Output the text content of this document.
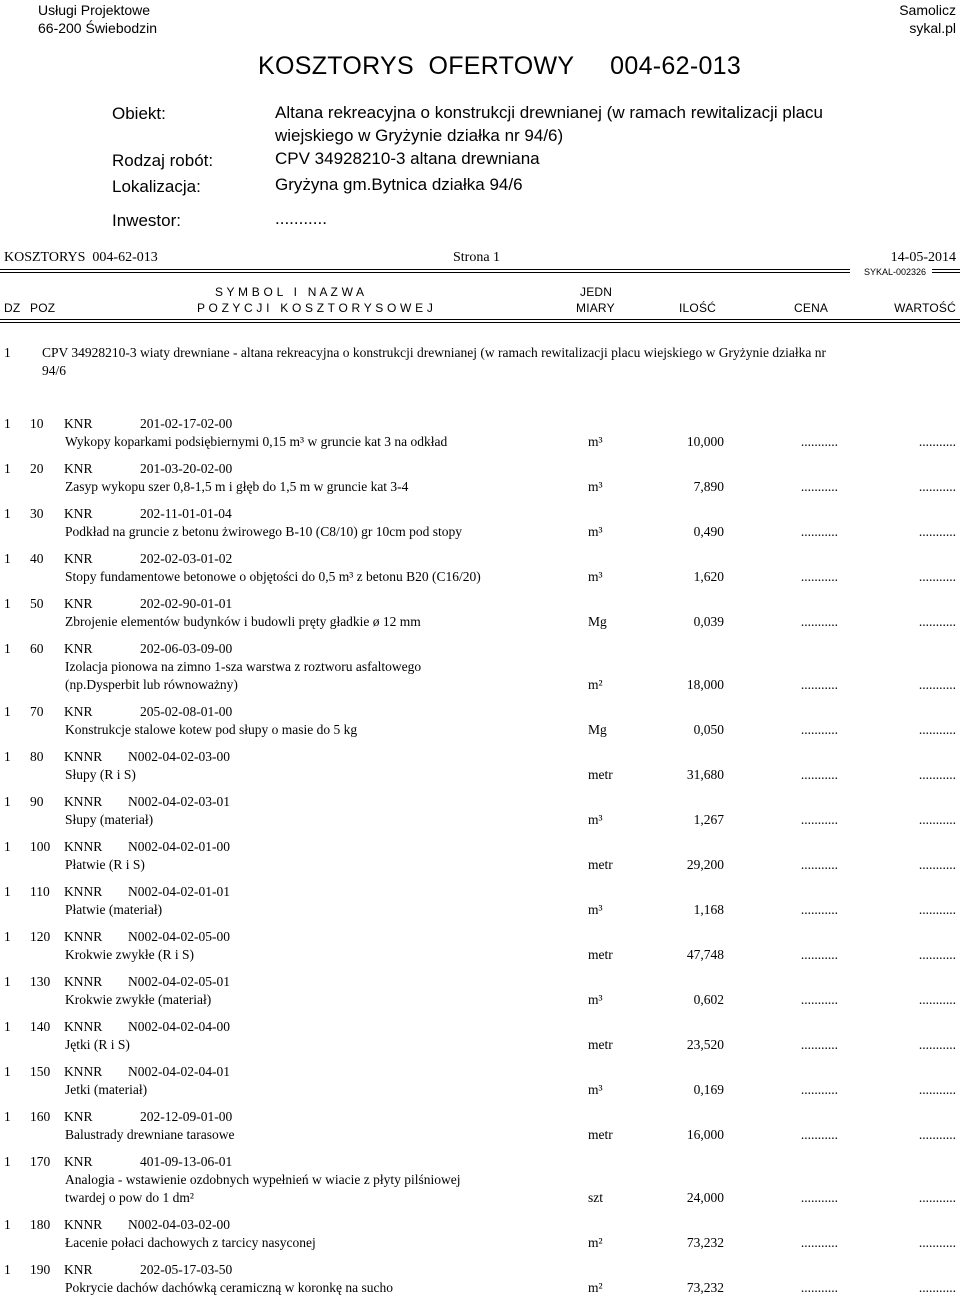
Usługi Projektowe
66-200 Świebodzin
Samolicz
sykal.pl
KOSZTORYS  OFERTOWY     004-62-013
Obiekt:	Altana rekreacyjna o konstrukcji drewnianej (w ramach rewitalizacji placu
wiejskiego w Gryżynie działka nr 94/6)
Rodzaj robót:	CPV 34928210-3 altana drewniana
Lokalizacja:	Gryżyna gm.Bytnica działka 94/6
Inwestor:	...........
KOSZTORYS  004-62-013	Strona 1	14-05-2014
SYKAL-002326
DZ POZ
S Y M B O L   I   N A Z W A
P O Z Y C J I   K O S Z T O R Y S O W E J
JEDN
MIARY	ILOŚĆ	CENA	WARTOŚĆ
1 CPV 34928210-3 wiaty drewniane - altana rekreacyjna o konstrukcji drewnianej (w ramach rewitalizacji placu wiejskiego w Gryżynie działka nr
94/6
1 10 KNR	201-02-17-02-00
Wykopy koparkami podsiębiernymi 0,15 m³ w gruncie kat 3 na odkład	m³	10,000	...........	...........
1 20 KNR	201-03-20-02-00
Zasyp wykopu szer 0,8-1,5 m i głęb do 1,5 m w gruncie kat 3-4	m³	7,890	...........	...........
1 30 KNR	202-11-01-01-04
Podkład na gruncie z betonu żwirowego B-10 (C8/10) gr 10cm pod stopy	m³	0,490	...........	...........
1 40 KNR	202-02-03-01-02
Stopy fundamentowe betonowe o objętości do 0,5 m³ z betonu B20 (C16/20)	m³	1,620	...........	...........
1 50 KNR	202-02-90-01-01
Zbrojenie elementów budynków i budowli pręty gładkie ø 12 mm	Mg	0,039	...........	...........
1 60 KNR	202-06-03-09-00
Izolacja pionowa na zimno 1-sza warstwa z roztworu asfaltowego
(np.Dysperbit lub równoważny)	m²	18,000	...........	...........
1 70 KNR	205-02-08-01-00
Konstrukcje stalowe kotew pod słupy o masie do 5 kg	Mg	0,050	...........	...........
1 80 KNNR N002-04-02-03-00
Słupy (R i S)	metr	31,680	...........	...........
1 90 KNNR N002-04-02-03-01
Słupy (materiał)	m³	1,267	...........	...........
1 100 KNNR N002-04-02-01-00
Płatwie (R i S)	metr	29,200	...........	...........
1 110 KNNR N002-04-02-01-01
Płatwie (materiał)	m³	1,168	...........	...........
1 120 KNNR N002-04-02-05-00
Krokwie zwykłe (R i S)	metr	47,748	...........	...........
1 130 KNNR N002-04-02-05-01
Krokwie zwykłe (materiał)	m³	0,602	...........	...........
1 140 KNNR N002-04-02-04-00
Jętki (R i S)	metr	23,520	...........	...........
1 150 KNNR N002-04-02-04-01
Jetki (materiał)	m³	0,169	...........	...........
1 160 KNR	202-12-09-01-00
Balustrady drewniane tarasowe	metr	16,000	...........	...........
1 170 KNR	401-09-13-06-01
Analogia - wstawienie ozdobnych wypełnień w wiacie z płyty pilśniowej
twardej o pow do 1 dm²	szt	24,000	...........	...........
1 180 KNNR N002-04-03-02-00
Łacenie połaci dachowych z tarcicy nasyconej	m²	73,232	...........	...........
1 190 KNR	202-05-17-03-50
Pokrycie dachów dachówką ceramiczną w koronkę na sucho	m²	73,232	...........	...........
